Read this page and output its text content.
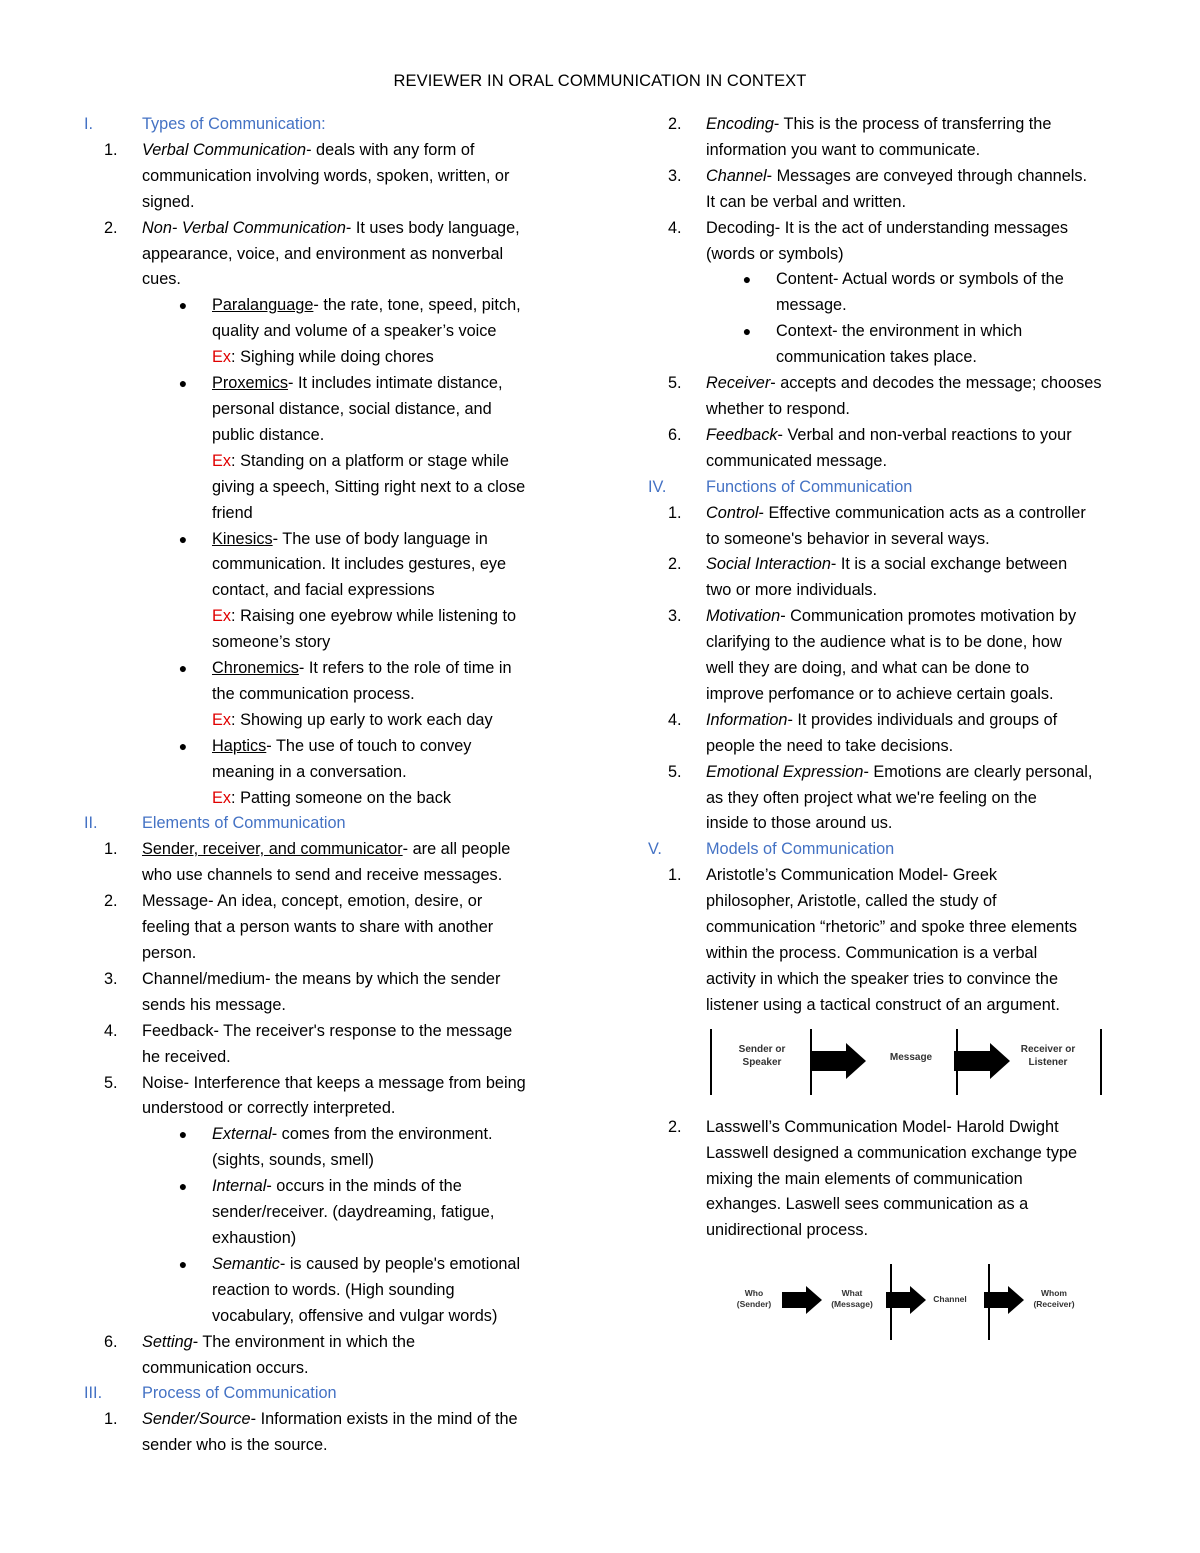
REVIEWER IN ORAL COMMUNICATION IN CONTEXT
I.	Types of Communication:
1.	Verbal Communication- deals with any form of
communication involving words, spoken, written, or
signed.
2.	Non- Verbal Communication- It uses body language,
appearance, voice, and environment as nonverbal
cues.
●	Paralanguage- the rate, tone, speed, pitch,
quality and volume of a speaker’s voice
Ex: Sighing while doing chores
●	Proxemics- It includes intimate distance,
personal distance, social distance, and
public distance.
Ex: Standing on a platform or stage while
giving a speech, Sitting right next to a close
friend
●	Kinesics- The use of body language in
communication. It includes gestures, eye
contact, and facial expressions
Ex: Raising one eyebrow while listening to
someone’s story
●	Chronemics- It refers to the role of time in
the communication process.
Ex: Showing up early to work each day
●	Haptics- The use of touch to convey
meaning in a conversation.
Ex: Patting someone on the back
II.	Elements of Communication
1.	Sender, receiver, and communicator- are all people
who use channels to send and receive messages.
2.	Message- An idea, concept, emotion, desire, or
feeling that a person wants to share with another
person.
3.	Channel/medium- the means by which the sender
sends his message.
4.	Feedback- The receiver's response to the message
he received.
5.	Noise- Interference that keeps a message from being
understood or correctly interpreted.
●	External- comes from the environment.
(sights, sounds, smell)
●	Internal- occurs in the minds of the
sender/receiver. (daydreaming, fatigue,
exhaustion)
●	Semantic- is caused by people's emotional
reaction to words. (High sounding
vocabulary, offensive and vulgar words)
6.	Setting- The environment in which the
communication occurs.
III.	Process of Communication
1.	Sender/Source- Information exists in the mind of the
sender who is the source.
2.	Encoding- This is the process of transferring the
information you want to communicate.
3.	Channel- Messages are conveyed through channels.
It can be verbal and written.
4.	Decoding- It is the act of understanding messages
(words or symbols)
●	Content- Actual words or symbols of the
message.
●	Context- the environment in which
communication takes place.
5.	Receiver- accepts and decodes the message; chooses
whether to respond.
6.	Feedback- Verbal and non-verbal reactions to your
communicated message.
IV.	Functions of Communication
1.	Control- Effective communication acts as a controller
to someone's behavior in several ways.
2.	Social Interaction- It is a social exchange between
two or more individuals.
3.	Motivation- Communication promotes motivation by
clarifying to the audience what is to be done, how
well they are doing, and what can be done to
improve perfomance or to achieve certain goals.
4.	Information- It provides individuals and groups of
people the need to take decisions.
5.	Emotional Expression- Emotions are clearly personal,
as they often project what we're feeling on the
inside to those around us.
V.	Models of Communication
1.	Aristotle’s Communication Model- Greek
philosopher, Aristotle, called the study of
communication “rhetoric” and spoke three elements
within the process. Communication is a verbal
activity in which the speaker tries to convince the
listener using a tactical construct of an argument.
Sender or
Speaker	Message
Receiver or
Listener
2.	Lasswell’s Communication Model- Harold Dwight
Lasswell designed a communication exchange type
mixing the main elements of communication
exhanges. Laswell sees communication as a
unidirectional process.
Who
(Sender)
What
(Message)	Channel
Whom
(Receiver)
